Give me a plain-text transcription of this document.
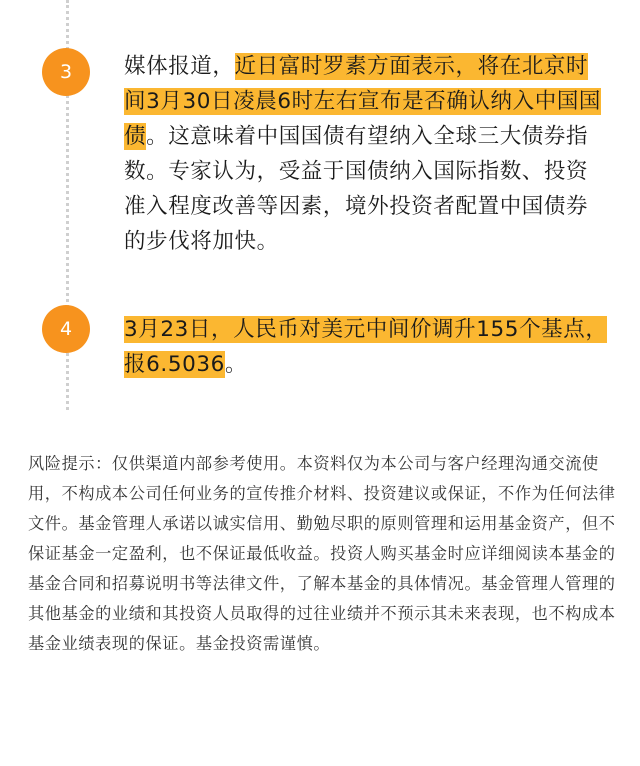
3	媒体报道，近日富时罗素方面表示，将在北京时间3月30日凌晨6时左右宣布是否确认纳入中国国债。这意味着中国国债有望纳入全球三大债券指数。专家认为，受益于国债纳入国际指数、投资准入程度改善等因素，境外投资者配置中国债券的步伐将加快。
4	3月23日，人民币对美元中间价调升155个基点，报6.5036。
风险提示：仅供渠道内部参考使用。本资料仅为本公司与客户经理沟通交流使用，不构成本公司任何业务的宣传推介材料、投资建议或保证，不作为任何法律文件。基金管理人承诺以诚实信用、勤勉尽职的原则管理和运用基金资产，但不保证基金一定盈利，也不保证最低收益。投资人购买基金时应详细阅读本基金的基金合同和招募说明书等法律文件，了解本基金的具体情况。基金管理人管理的其他基金的业绩和其投资人员取得的过往业绩并不预示其未来表现，也不构成本基金业绩表现的保证。基金投资需谨慎。
